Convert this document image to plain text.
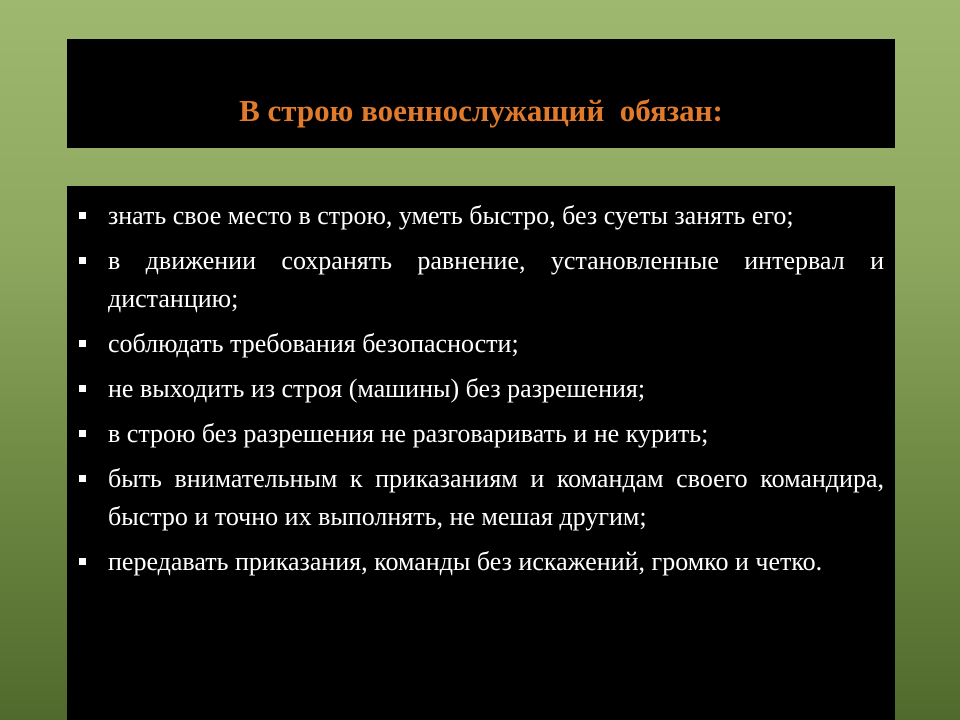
В строю военнослужащий  обязан:
знать свое место в строю, уметь быстро, без суеты занять его;
в движении сохранять равнение, установленные интервал и дистанцию;
соблюдать требования безопасности;
не выходить из строя (машины) без разрешения;
в строю без разрешения не разговаривать и не курить;
быть внимательным к приказаниям и командам своего командира, быстро и точно их выполнять, не мешая другим;
передавать приказания, команды без искажений, громко и четко.
